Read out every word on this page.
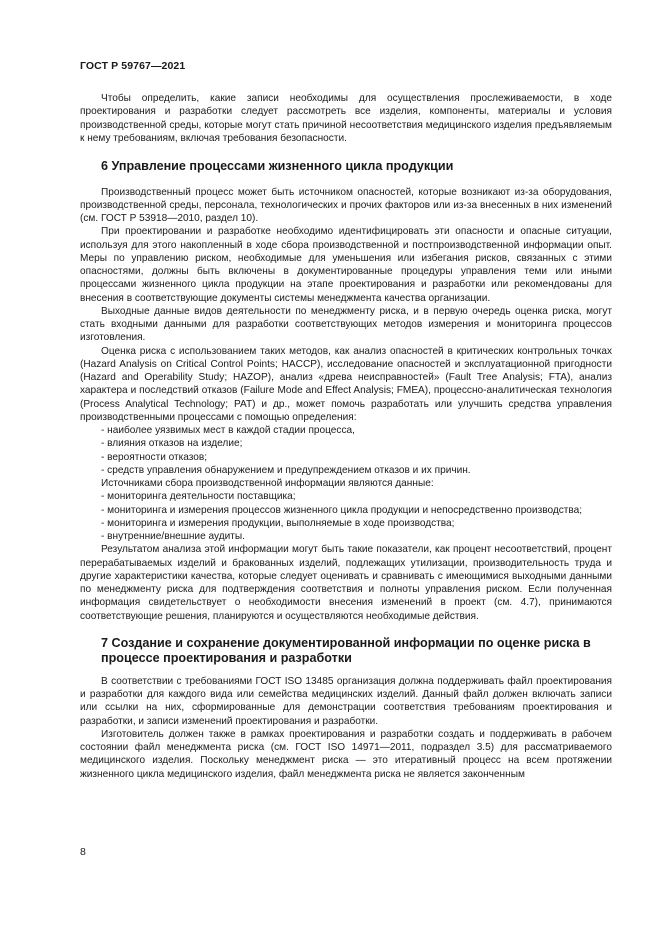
ГОСТ Р 59767—2021

Чтобы определить, какие записи необходимы для осуществления прослеживаемости, в ходе проектирования и разработки следует рассмотреть все изделия, компоненты, материалы и условия производственной среды, которые могут стать причиной несоответствия медицинского изделия предъявляемым к нему требованиям, включая требования безопасности.

6 Управление процессами жизненного цикла продукции

Производственный процесс может быть источником опасностей, которые возникают из-за оборудования, производственной среды, персонала, технологических и прочих факторов или из-за внесенных в них изменений (см. ГОСТ Р 53918—2010, раздел 10).

При проектировании и разработке необходимо идентифицировать эти опасности и опасные ситуации, используя для этого накопленный в ходе сбора производственной и постпроизводственной информации опыт. Меры по управлению риском, необходимые для уменьшения или избегания рисков, связанных с этими опасностями, должны быть включены в документированные процедуры управления теми или иными процессами жизненного цикла продукции на этапе проектирования и разработки или рекомендованы для внесения в соответствующие документы системы менеджмента качества организации.

Выходные данные видов деятельности по менеджменту риска, и в первую очередь оценка риска, могут стать входными данными для разработки соответствующих методов измерения и мониторинга процессов изготовления.

Оценка риска с использованием таких методов, как анализ опасностей в критических контрольных точках (Hazard Analysis on Critical Control Points; HACCP), исследование опасностей и эксплуатационной пригодности (Hazard and Operability Study; HAZOP), анализ «древа неисправностей» (Fault Tree Analysis; FTA), анализ характера и последствий отказов (Failure Mode and Effect Analysis; FMEA), процессно-аналитическая технология (Process Analytical Technology; PAT) и др., может помочь разработать или улучшить средства управления производственными процессами с помощью определения:

- наиболее уязвимых мест в каждой стадии процесса,

- влияния отказов на изделие;

- вероятности отказов;

- средств управления обнаружением и предупреждением отказов и их причин.

Источниками сбора производственной информации являются данные:

- мониторинга деятельности поставщика;

- мониторинга и измерения процессов жизненного цикла продукции и непосредственно производства;

- мониторинга и измерения продукции, выполняемые в ходе производства;

- внутренние/внешние аудиты.

Результатом анализа этой информации могут быть такие показатели, как процент несоответствий, процент перерабатываемых изделий и бракованных изделий, подлежащих утилизации, производительность труда и другие характеристики качества, которые следует оценивать и сравнивать с имеющимися выходными данными по менеджменту риска для подтверждения соответствия и полноты управления риском. Если полученная информация свидетельствует о необходимости внесения изменений в проект (см. 4.7), принимаются соответствующие решения, планируются и осуществляются необходимые действия.

7 Создание и сохранение документированной информации по оценке риска в процессе проектирования и разработки

В соответствии с требованиями ГОСТ ISO 13485 организация должна поддерживать файл проектирования и разработки для каждого вида или семейства медицинских изделий. Данный файл должен включать записи или ссылки на них, сформированные для демонстрации соответствия требованиям проектирования и разработки, и записи изменений проектирования и разработки.

Изготовитель должен также в рамках проектирования и разработки создать и поддерживать в рабочем состоянии файл менеджмента риска (см. ГОСТ ISO 14971—2011, подраздел 3.5) для рассматриваемого медицинского изделия. Поскольку менеджмент риска — это итеративный процесс на всем протяжении жизненного цикла медицинского изделия, файл менеджмента риска не является законченным

8
